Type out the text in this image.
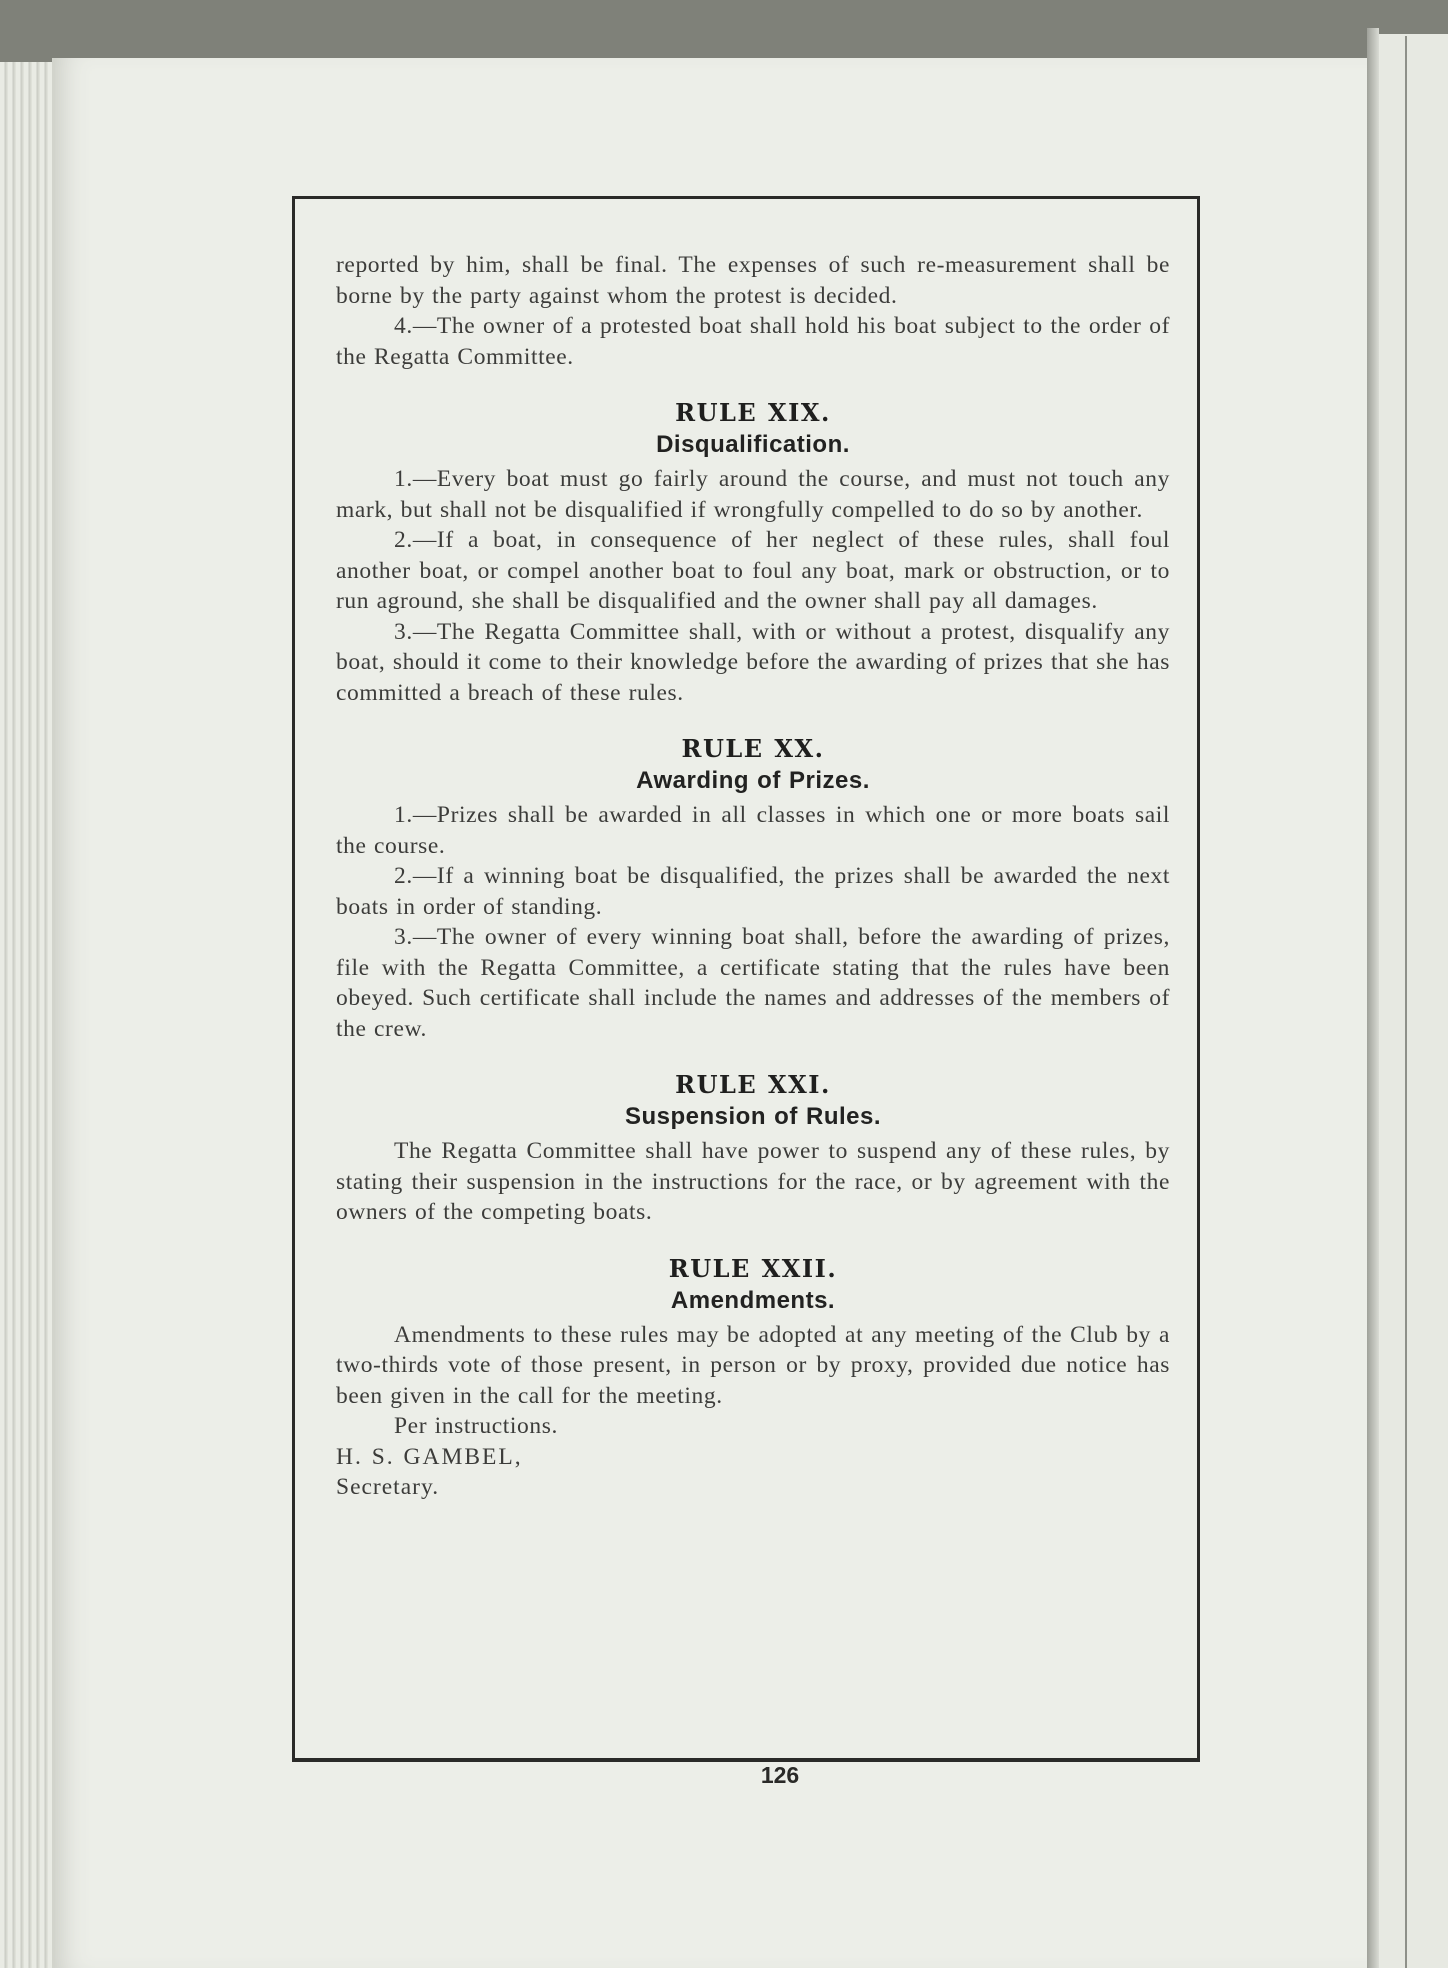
reported by him, shall be final. The expenses of such re-measurement shall be borne by the party against whom the protest is decided.

4.—The owner of a protested boat shall hold his boat subject to the order of the Regatta Committee.

RULE XIX.
Disqualification.

1.—Every boat must go fairly around the course, and must not touch any mark, but shall not be disqualified if wrongfully compelled to do so by another.

2.—If a boat, in consequence of her neglect of these rules, shall foul another boat, or compel another boat to foul any boat, mark or obstruction, or to run aground, she shall be disqualified and the owner shall pay all damages.

3.—The Regatta Committee shall, with or without a protest, disqualify any boat, should it come to their knowledge before the awarding of prizes that she has committed a breach of these rules.

RULE XX.
Awarding of Prizes.

1.—Prizes shall be awarded in all classes in which one or more boats sail the course.

2.—If a winning boat be disqualified, the prizes shall be awarded the next boats in order of standing.

3.—The owner of every winning boat shall, before the awarding of prizes, file with the Regatta Committee, a certificate stating that the rules have been obeyed. Such certificate shall include the names and addresses of the members of the crew.

RULE XXI.
Suspension of Rules.

The Regatta Committee shall have power to suspend any of these rules, by stating their suspension in the instructions for the race, or by agreement with the owners of the competing boats.

RULE XXII.
Amendments.

Amendments to these rules may be adopted at any meeting of the Club by a two-thirds vote of those present, in person or by proxy, provided due notice has been given in the call for the meeting.

Per instructions.

H. S. GAMBEL,

Secretary.

126
